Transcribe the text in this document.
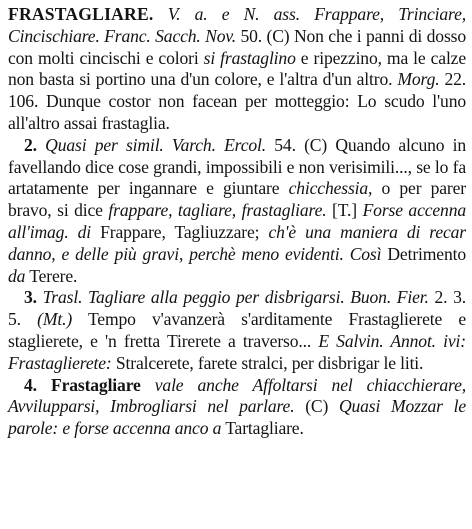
FRASTAGLIARE. V. a. e N. ass. Frappare, Trinciare, Cincischiare. Franc. Sacch. Nov. 50. (C) Non che i panni di dosso con molti cincischi e colori si frastaglino e ripezzino, ma le calze non basta si portino una d'un colore, e l'altra d'un altro. Morg. 22. 106. Dunque costor non facean per motteggio: Lo scudo l'uno all'altro assai frastaglia.

2. Quasi per simil. Varch. Ercol. 54. (C) Quando alcuno in favellando dice cose grandi, impossibili e non verisimili..., se lo fa artatamente per ingannare e giuntare chicchessia, o per parer bravo, si dice frappare, tagliare, frastagliare. [T.] Forse accenna all'imag. di Frappare, Tagliuzzare; ch'è una maniera di recar danno, e delle più gravi, perchè meno evidenti. Così Detrimento da Terere.

3. Trasl. Tagliare alla peggio per disbrigarsi. Buon. Fier. 2. 3. 5. (Mt.) Tempo v'avanzerà s'arditamente Frastaglierete e staglierete, e 'n fretta Tirerete a traverso... E Salvin. Annot. ivi: Frastaglierete: Stralcerete, farete stralci, per disbrigar le liti.

4. Frastagliare vale anche Affoltarsi nel chiacchierare, Avvilupparsi, Imbrogliarsi nel parlare. (C) Quasi Mozzar le parole: e forse accenna anco a Tartagliare.
